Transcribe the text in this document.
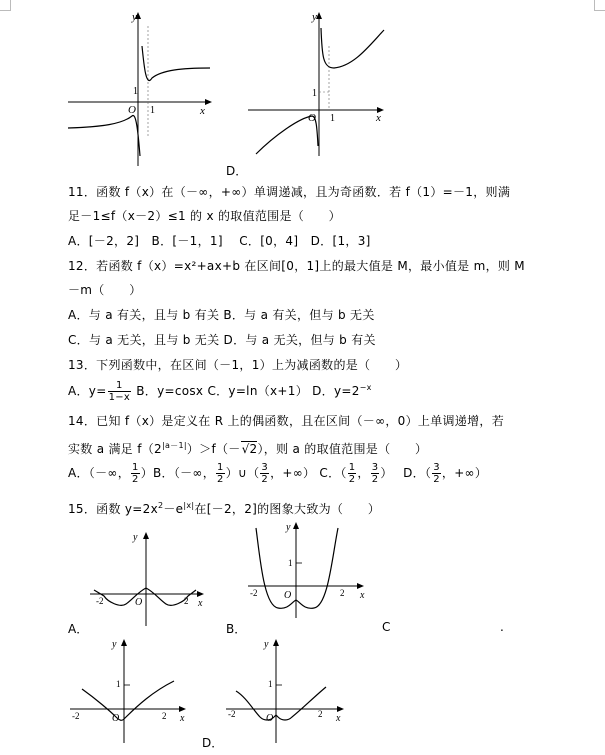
y
x
O 1
1
y
x
O 1
1
D．
11．函数 f（x）在（－∞，+∞）单调递减，且为奇函数．若 f（1）=－1，则满
足－1≤f（x－2）≤1 的 x 的取值范围是（　　）
A．[－2，2]　B．[－1，1]　 C．[0，4]　D．[1，3]
12．若函数 f（x）=x²+ax+b 在区间[0，1]上的最大值是 M，最小值是 m，则 M
－m（　　）
A．与 a 有关，且与 b 有关 B．与 a 有关，但与 b 无关
C．与 a 无关，且与 b 无关 D．与 a 无关，但与 b 有关
13．下列函数中，在区间（－1，1）上为减函数的是（　　）
A．$y= \frac{1}{1-x}$ B．y=cosx C．y=ln（x+1） D．$y=2^{-x}$
14．已知 f（x）是定义在 R 上的偶函数，且在区间（－∞，0）上单调递增，若
实数 a 满足 $f(2^{|a-1|})>f(-√2)$，则 a 的取值范围是（　　）
A．（－∞， $\frac{1}{2} )B$．（－∞， $\frac{1}{2}$ ）∪（ $\frac{3}{2}$ ，+∞） C．（ $\frac{1}{2}$ ， $\frac{3}{2}$ ）　 D．（ $\frac{3}{2}$ ，+∞）
15．函数 $y=2x^2-e^{|x|}$在[－2，2]的图象大致为（　　）
y
x
O
-2	2
A．
y
x
O
1
-2	2
B．	C	.
y
x
O
1
-2	2
y
x
O
1
-2	2
D．
